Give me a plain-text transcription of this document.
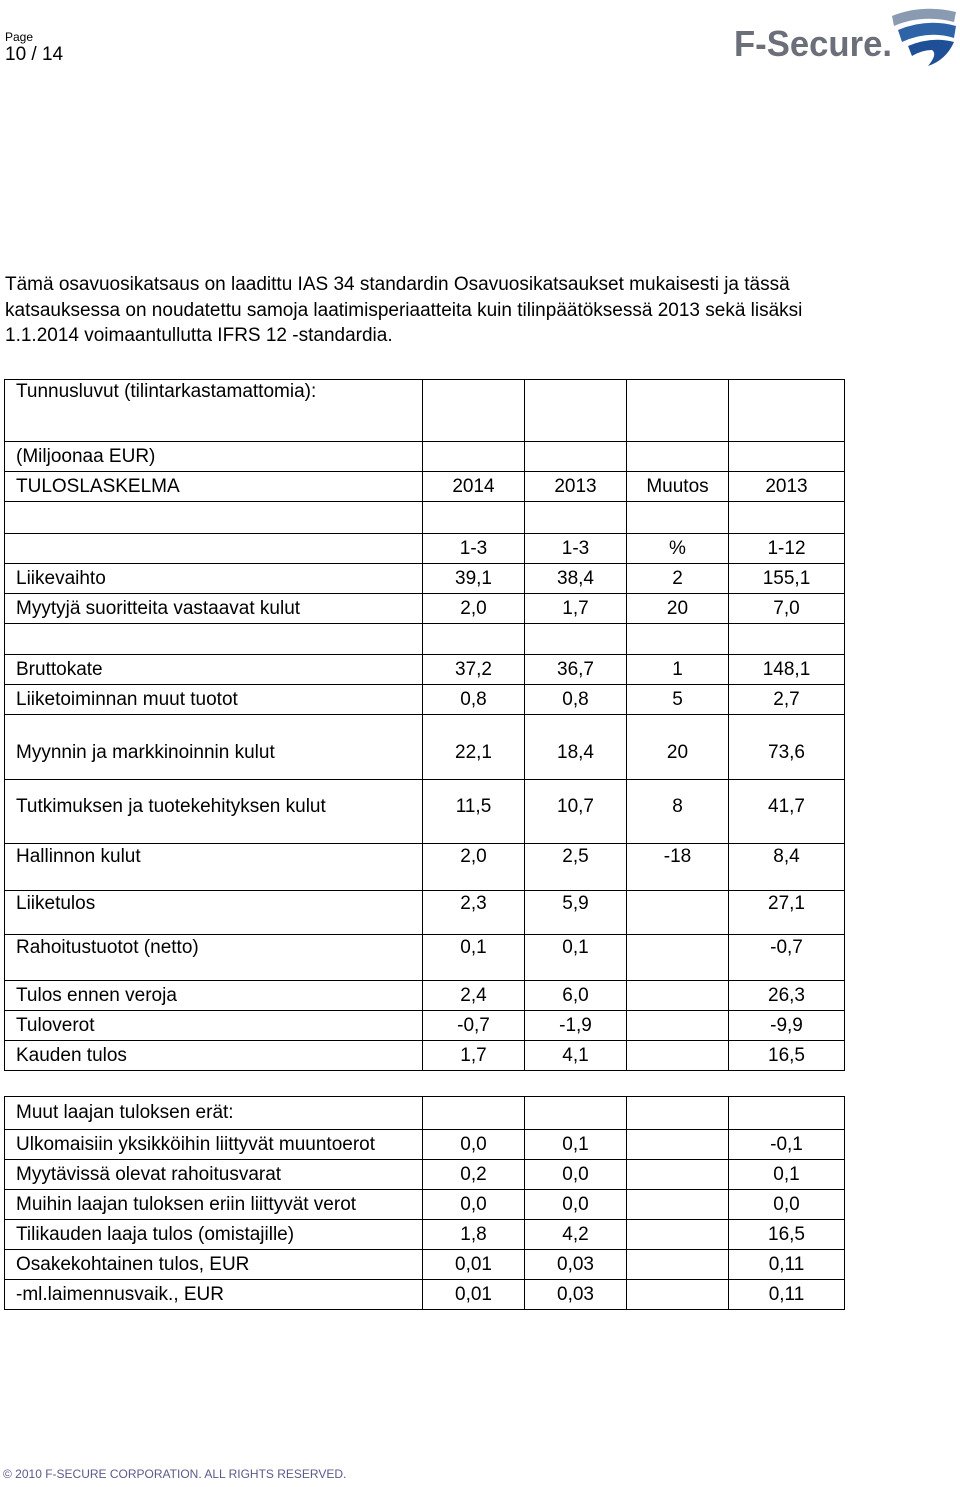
Page
10 / 14	F-Secure.

Tämä osavuosikatsaus on laadittu IAS 34 standardin Osavuosikatsaukset mukaisesti ja tässä

katsauksessa on noudatettu samoja laatimisperiaatteita kuin tilinpäätöksessä 2013 sekä lisäksi

1.1.2014 voimaantullutta IFRS 12 -standardia.

Tunnusluvut (tilintarkastamattomia):				
(Miljoonaa EUR)				
TULOSLASKELMA	2014	2013	Muutos	2013

	1-3	1-3	%	1-12
Liikevaihto	39,1	38,4	2	155,1
Myytyjä suoritteita vastaavat kulut	2,0	1,7	20	7,0

Bruttokate	37,2	36,7	1	148,1
Liiketoiminnan muut tuotot	0,8	0,8	5	2,7
Myynnin ja markkinoinnin kulut	22,1	18,4	20	73,6
Tutkimuksen ja tuotekehityksen kulut	11,5	10,7	8	41,7
Hallinnon kulut	2,0	2,5	-18	8,4
Liiketulos	2,3	5,9		27,1
Rahoitustuotot (netto)	0,1	0,1		-0,7
Tulos ennen veroja	2,4	6,0		26,3
Tuloverot	-0,7	-1,9		-9,9
Kauden tulos	1,7	4,1		16,5

Muut laajan tuloksen erät:				
Ulkomaisiin yksikköihin liittyvät muuntoerot	0,0	0,1		-0,1
Myytävissä olevat rahoitusvarat	0,2	0,0		0,1
Muihin laajan tuloksen eriin liittyvät verot	0,0	0,0		0,0
Tilikauden laaja tulos (omistajille)	1,8	4,2		16,5
Osakekohtainen tulos, EUR	0,01	0,03		0,11
-ml.laimennusvaik., EUR	0,01	0,03		0,11
© 2010 F-SECURE CORPORATION. ALL RIGHTS RESERVED.
